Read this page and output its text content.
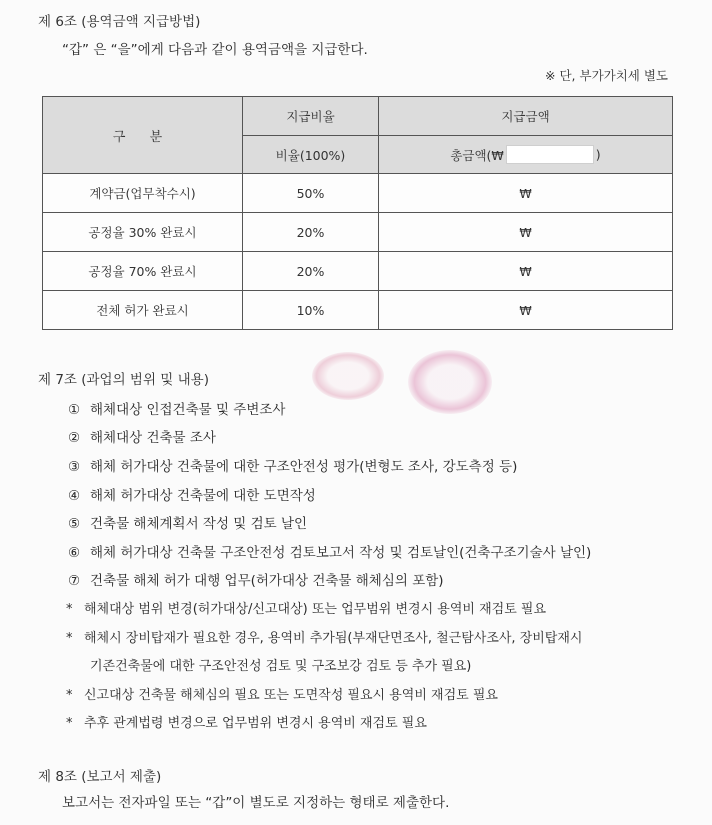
제 6조 (용역금액 지급방법)
“갑” 은 “을”에게 다음과 같이 용역금액을 지급한다.
※ 단, 부가가치세 별도
구 분	지급비율	지급금액
	비율(100%)	총금액(₩ )

계약금(업무착수시)	50%	₩
공정율 30% 완료시	20%	₩
공정율 70% 완료시	20%	₩
전체 허가 완료시	10%	₩
제 7조 (과업의 범위 및 내용)
① 해체대상 인접건축물 및 주변조사
② 해체대상 건축물 조사
③ 해체 허가대상 건축물에 대한 구조안전성 평가(변형도 조사, 강도측정 등)
④ 해체 허가대상 건축물에 대한 도면작성
⑤ 건축물 해체계획서 작성 및 검토 날인
⑥ 해체 허가대상 건축물 구조안전성 검토보고서 작성 및 검토날인(건축구조기술사 날인)
⑦ 건축물 해체 허가 대행 업무(허가대상 건축물 해체심의 포함)
* 해체대상 범위 변경(허가대상/신고대상) 또는 업무범위 변경시 용역비 재검토 필요
* 해체시 장비탑재가 필요한 경우, 용역비 추가됨(부재단면조사, 철근탐사조사, 장비탑재시
기존건축물에 대한 구조안전성 검토 및 구조보강 검토 등 추가 필요)
* 신고대상 건축물 해체심의 필요 또는 도면작성 필요시 용역비 재검토 필요
* 추후 관계법령 변경으로 업무범위 변경시 용역비 재검토 필요
제 8조 (보고서 제출)
보고서는 전자파일 또는 “갑”이 별도로 지정하는 형태로 제출한다.
